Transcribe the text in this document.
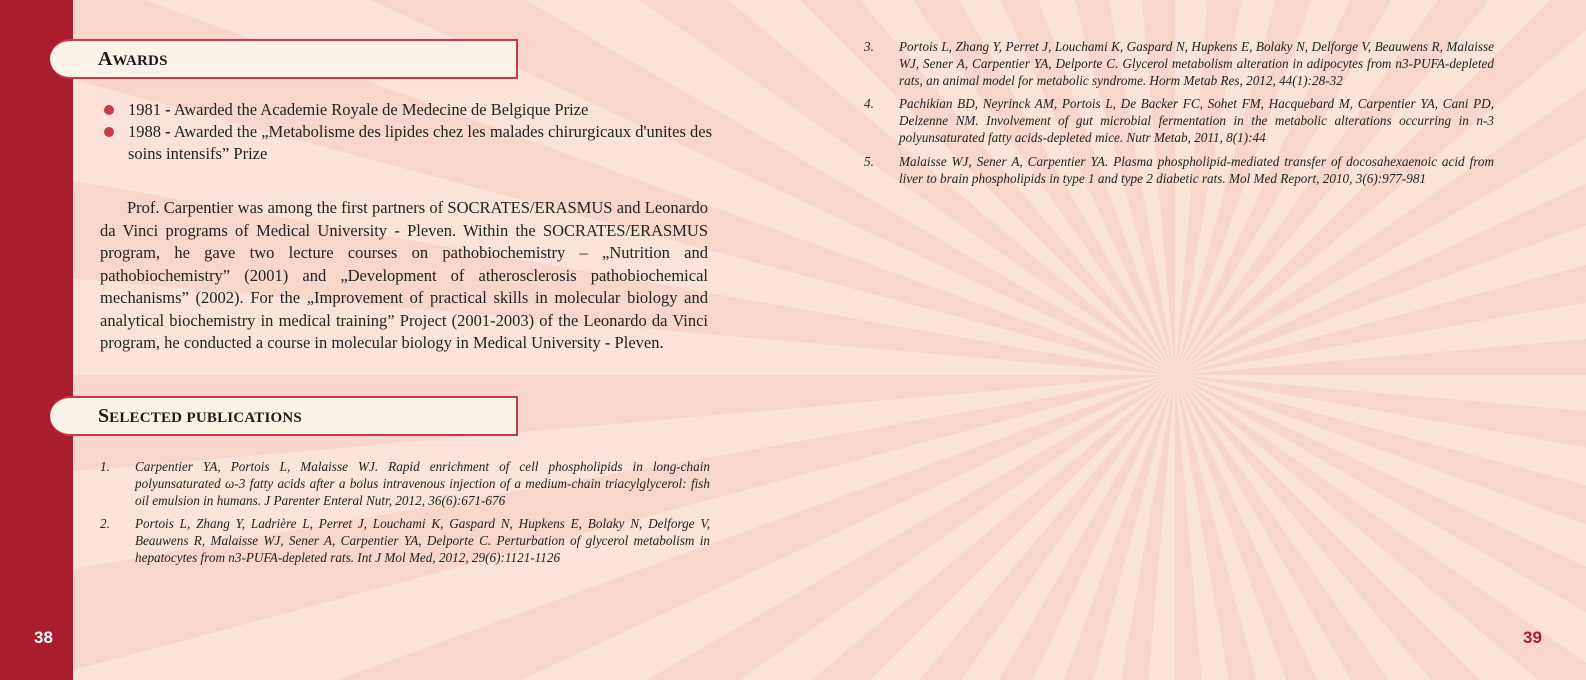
38	39
AWARDS
1981 - Awarded the Academie Royale de Medecine de Belgique Prize
1988 - Awarded the „Metabolisme des lipides chez les malades chirurgicaux d'unites des soins intensifs” Prize

Prof. Carpentier was among the first partners of SOCRATES/ERASMUS and Leonardo da Vinci programs of Medical University - Pleven. Within the SOCRATES/ERASMUS program, he gave two lecture courses on pathobiochemistry – „Nutrition and pathobiochemistry” (2001) and „Development of atherosclerosis pathobiochemical mechanisms” (2002). For the „Improvement of practical skills in molecular biology and analytical biochemistry in medical training” Project (2001-2003) of the Leonardo da Vinci program, he conducted a course in molecular biology in Medical University - Pleven.

SELECTED PUBLICATIONS
1. Carpentier YA, Portois L, Malaisse WJ. Rapid enrichment of cell phospholipids in long-chain polyunsaturated ω-3 fatty acids after a bolus intravenous injection of a medium-chain triacylglycerol: fish oil emulsion in humans. J Parenter Enteral Nutr, 2012, 36(6):671-676
2. Portois L, Zhang Y, Ladrière L, Perret J, Louchami K, Gaspard N, Hupkens E, Bolaky N, Delforge V, Beauwens R, Malaisse WJ, Sener A, Carpentier YA, Delporte C. Perturbation of glycerol metabolism in hepatocytes from n3-PUFA-depleted rats. Int J Mol Med, 2012, 29(6):1121-1126
3. Portois L, Zhang Y, Perret J, Louchami K, Gaspard N, Hupkens E, Bolaky N, Delforge V, Beauwens R, Malaisse WJ, Sener A, Carpentier YA, Delporte C. Glycerol metabolism alteration in adipocytes from n3-PUFA-depleted rats, an animal model for metabolic syndrome. Horm Metab Res, 2012, 44(1):28-32
4. Pachikian BD, Neyrinck AM, Portois L, De Backer FC, Sohet FM, Hacquebard M, Carpentier YA, Cani PD, Delzenne NM. Involvement of gut microbial fermentation in the metabolic alterations occurring in n-3 polyunsaturated fatty acids-depleted mice. Nutr Metab, 2011, 8(1):44
5. Malaisse WJ, Sener A, Carpentier YA. Plasma phospholipid-mediated transfer of docosahexaenoic acid from liver to brain phospholipids in type 1 and type 2 diabetic rats. Mol Med Report, 2010, 3(6):977-981
